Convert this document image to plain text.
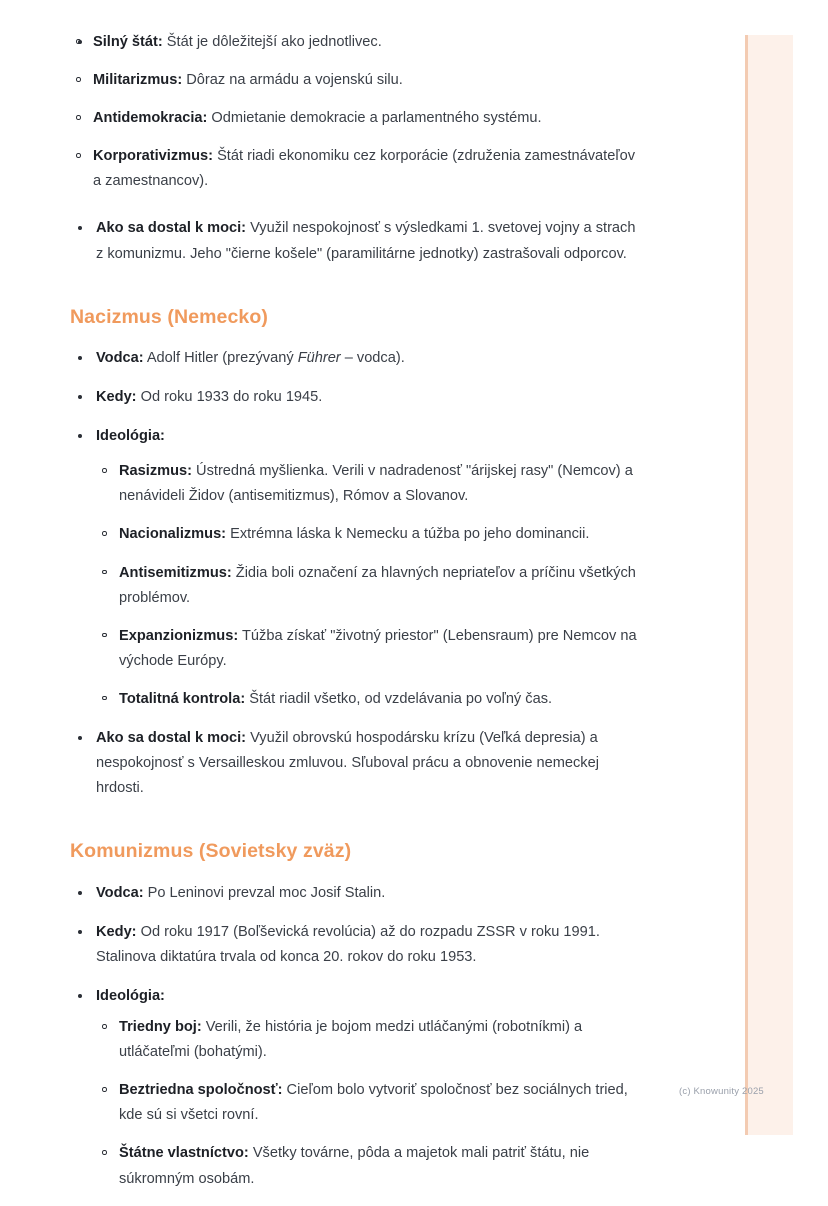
Silný štát: Štát je dôležitejší ako jednotlivec.
Militarizmus: Dôraz na armádu a vojenskú silu.
Antidemokracia: Odmietanie demokracie a parlamentného systému.
Korporativizmus: Štát riadi ekonomiku cez korporácie (združenia zamestnávateľov a zamestnancov).
Ako sa dostal k moci: Využil nespokojnosť s výsledkami 1. svetovej vojny a strach z komunizmu. Jeho "čierne košele" (paramilitárne jednotky) zastrašovali odporcov.
Nacizmus (Nemecko)
Vodca: Adolf Hitler (prezývaný Führer – vodca).
Kedy: Od roku 1933 do roku 1945.
Ideológia:
Rasizmus: Ústredná myšlienka. Verili v nadradenosť "árijskej rasy" (Nemcov) a nenávideli Židov (antisemitizmus), Rómov a Slovanov.
Nacionalizmus: Extrémna láska k Nemecku a túžba po jeho dominancii.
Antisemitizmus: Židia boli označení za hlavných nepriateľov a príčinu všetkých problémov.
Expanzionizmus: Túžba získať "životný priestor" (Lebensraum) pre Nemcov na východe Európy.
Totalitná kontrola: Štát riadil všetko, od vzdelávania po voľný čas.
Ako sa dostal k moci: Využil obrovskú hospodársku krízu (Veľká depresia) a nespokojnosť s Versailleskou zmluvou. Sľuboval prácu a obnovenie nemeckej hrdosti.
Komunizmus (Sovietsky zväz)
Vodca: Po Leninovi prevzal moc Josif Stalin.
Kedy: Od roku 1917 (Boľševická revolúcia) až do rozpadu ZSSR v roku 1991. Stalinova diktatúra trvala od konca 20. rokov do roku 1953.
Ideológia:
Triedny boj: Verili, že história je bojom medzi utláčanými (robotníkmi) a utláčateľmi (bohatými).
Beztriedna spoločnosť: Cieľom bolo vytvoriť spoločnosť bez sociálnych tried, kde sú si všetci rovní.
Štátne vlastníctvo: Všetky továrne, pôda a majetok mali patriť štátu, nie súkromným osobám.
(c) Knowunity 2025
